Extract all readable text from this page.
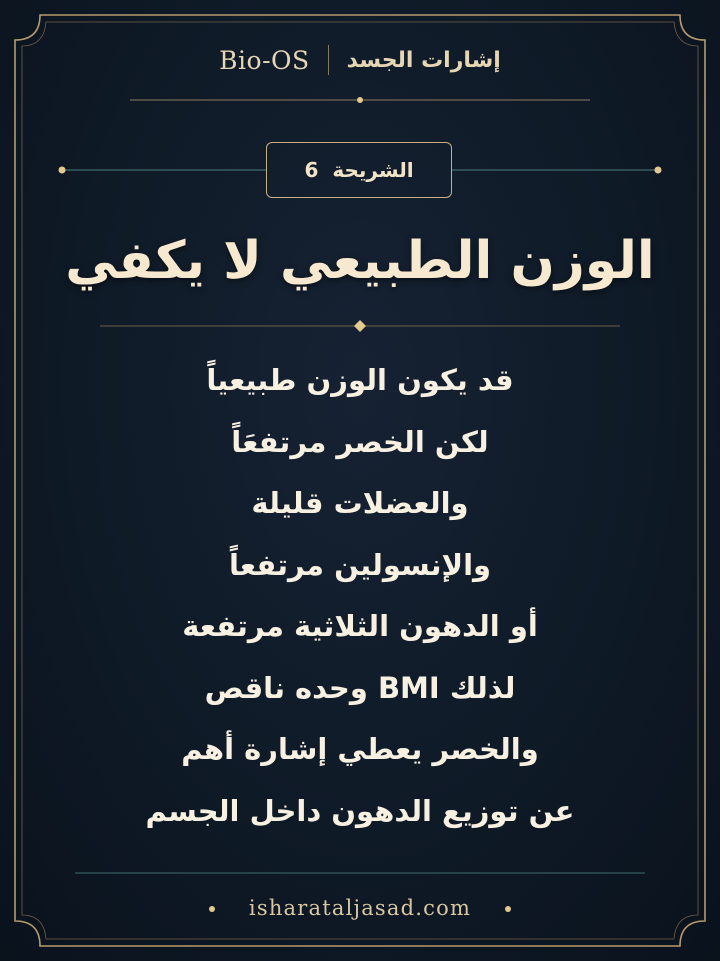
Bio-OS إشارات الجسد
الشريحة
6
الوزن الطبيعي لا يكفي
قد يكون الوزن طبيعياً
لكن الخصر مرتفعَاً
والعضلات قليلة
والإنسولين مرتفعاً
أو الدهون الثلاثية مرتفعة
لذلك BMI وحده ناقص
والخصر يعطي إشارة أهم
عن توزيع الدهون داخل الجسم
isharataljasad.com
